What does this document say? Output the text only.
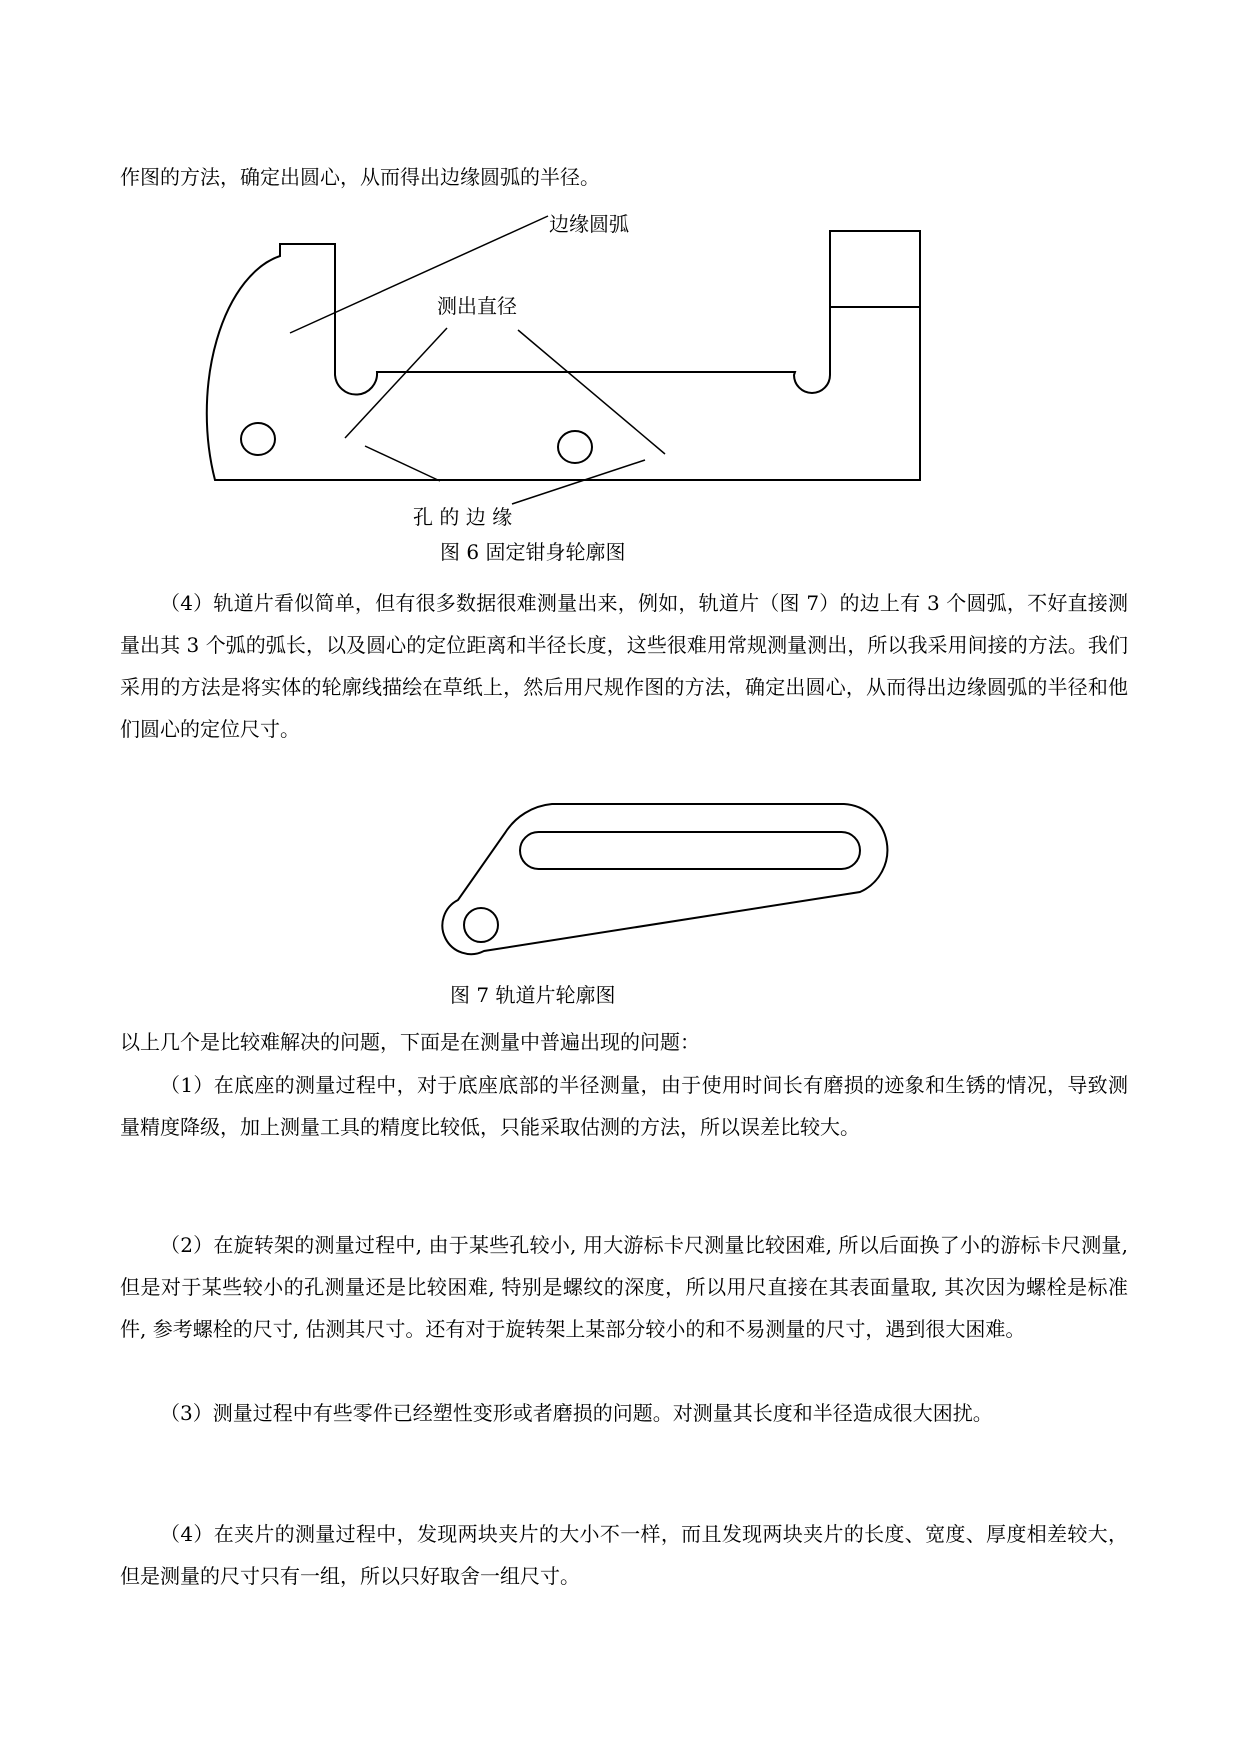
作图的方法，确定出圆心，从而得出边缘圆弧的半径。

边缘圆弧
测出直径
孔 的 边 缘
图 6 固定钳身轮廓图

（4）轨道片看似简单，但有很多数据很难测量出来，例如，轨道片（图 7）的边上有 3 个圆弧，不好直接测量出其 3 个弧的弧长，以及圆心的定位距离和半径长度，这些很难用常规测量测出，所以我采用间接的方法。我们采用的方法是将实体的轮廓线描绘在草纸上，然后用尺规作图的方法，确定出圆心，从而得出边缘圆弧的半径和他们圆心的定位尺寸。

图 7 轨道片轮廓图

以上几个是比较难解决的问题，下面是在测量中普遍出现的问题：

（1）在底座的测量过程中，对于底座底部的半径测量，由于使用时间长有磨损的迹象和生锈的情况，导致测量精度降级，加上测量工具的精度比较低，只能采取估测的方法，所以误差比较大。

（2）在旋转架的测量过程中, 由于某些孔较小, 用大游标卡尺测量比较困难, 所以后面换了小的游标卡尺测量, 但是对于某些较小的孔测量还是比较困难, 特别是螺纹的深度，所以用尺直接在其表面量取, 其次因为螺栓是标准件, 参考螺栓的尺寸, 估测其尺寸。还有对于旋转架上某部分较小的和不易测量的尺寸，遇到很大困难。

（3）测量过程中有些零件已经塑性变形或者磨损的问题。对测量其长度和半径造成很大困扰。

（4）在夹片的测量过程中，发现两块夹片的大小不一样，而且发现两块夹片的长度、宽度、厚度相差较大，但是测量的尺寸只有一组，所以只好取舍一组尺寸。
